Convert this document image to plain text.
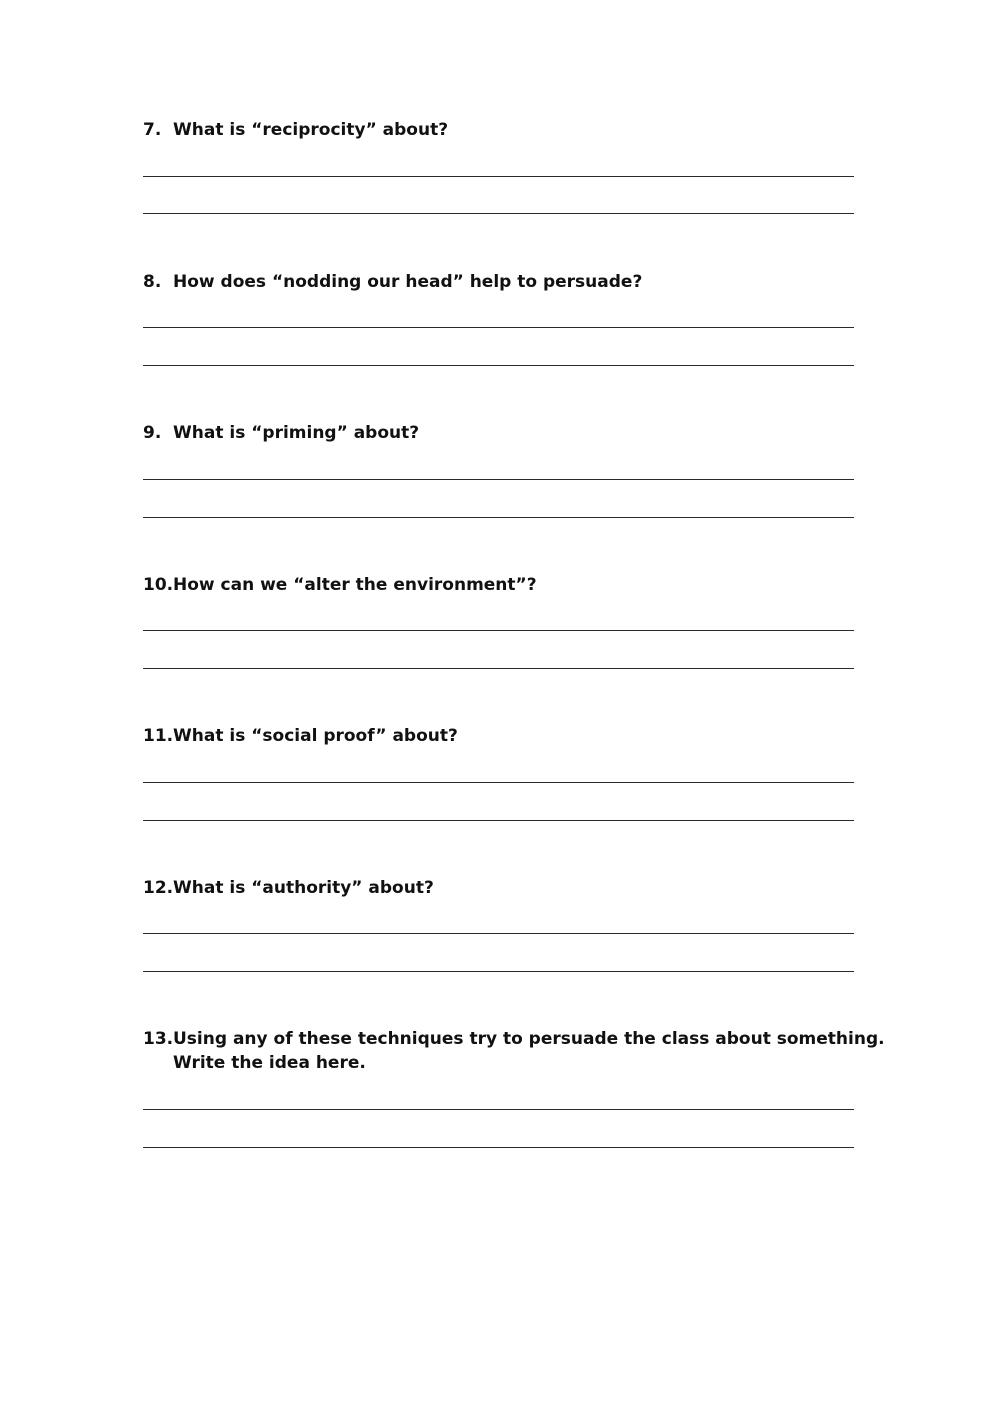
7. What is “reciprocity” about?
8. How does “nodding our head” help to persuade?
9. What is “priming” about?
10. How can we “alter the environment”?
11. What is “social proof” about?
12. What is “authority” about?
13. Using any of these techniques try to persuade the class about something.
Write the idea here.
